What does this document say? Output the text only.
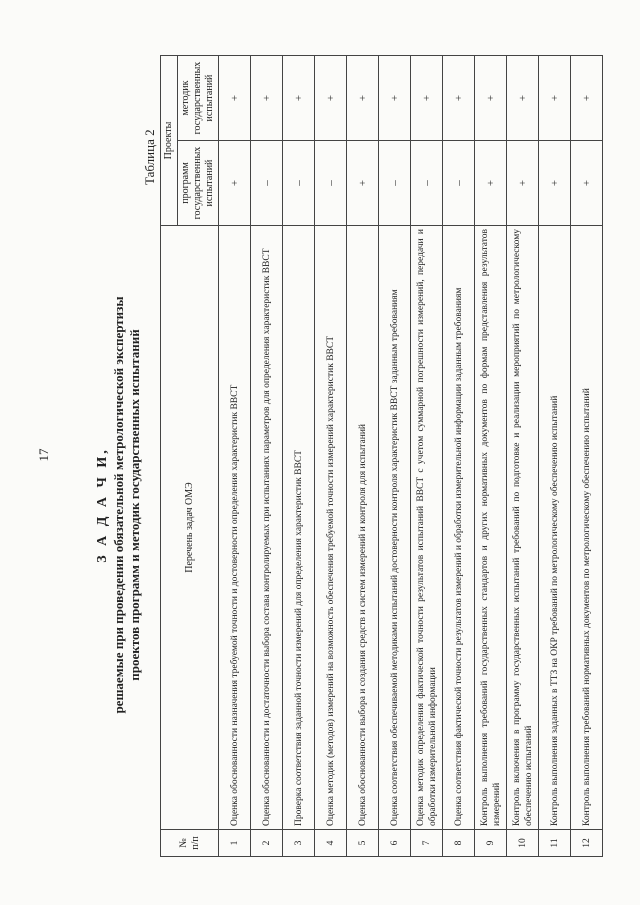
17	З А Д А Ч И, решаемые при проведении обязательной метрологической экспертизы проектов программ и методик государственных испытаний
Таблица 2
№ п/п	Перечень задач ОМЭ	Проекты	
		программ государственных испытаний	методик государственных испытаний
1	Оценка обоснованности назначения требуемой точности и достоверности определения характеристик ВВСТ	+	+
2	Оценка обоснованности и достаточности выбора состава контролируемых при испытаниях параметров для определения характеристик ВВСТ	–	+
3	Проверка соответствия заданной точности измерений для определения характеристик ВВСТ	–	+
4	Оценка методик (методов) измерений на возможность обеспечения требуемой точности измерений характеристик ВВСТ	–	+
5	Оценка обоснованности выбора и создания средств и систем измерений и контроля для испытаний	+	+
6	Оценка соответствия обеспечиваемой методиками испытаний достоверности контроля характеристик ВВСТ заданным требованиям	–	+
7	Оценка методик определения фактической точности результатов испытаний ВВСТ с учетом суммарной погрешности измерений, передачи и обработки измерительной информации	–	+
8	Оценка соответствия фактической точности результатов измерений и обработки измерительной информации заданным требованиям	–	+
9	Контроль выполнения требований государственных стандартов и других нормативных документов по формам представления результатов измерений	+	+
10	Контроль включения в программу государственных испытаний требований по подготовке и реализации мероприятий по метрологическому обеспечению испытаний	+	+
11	Контроль выполнения заданных в ТТЗ на ОКР требований по метрологическому обеспечению испытаний	+	+
12	Контроль выполнения требований нормативных документов по метрологическому обеспечению испытаний	+	+
